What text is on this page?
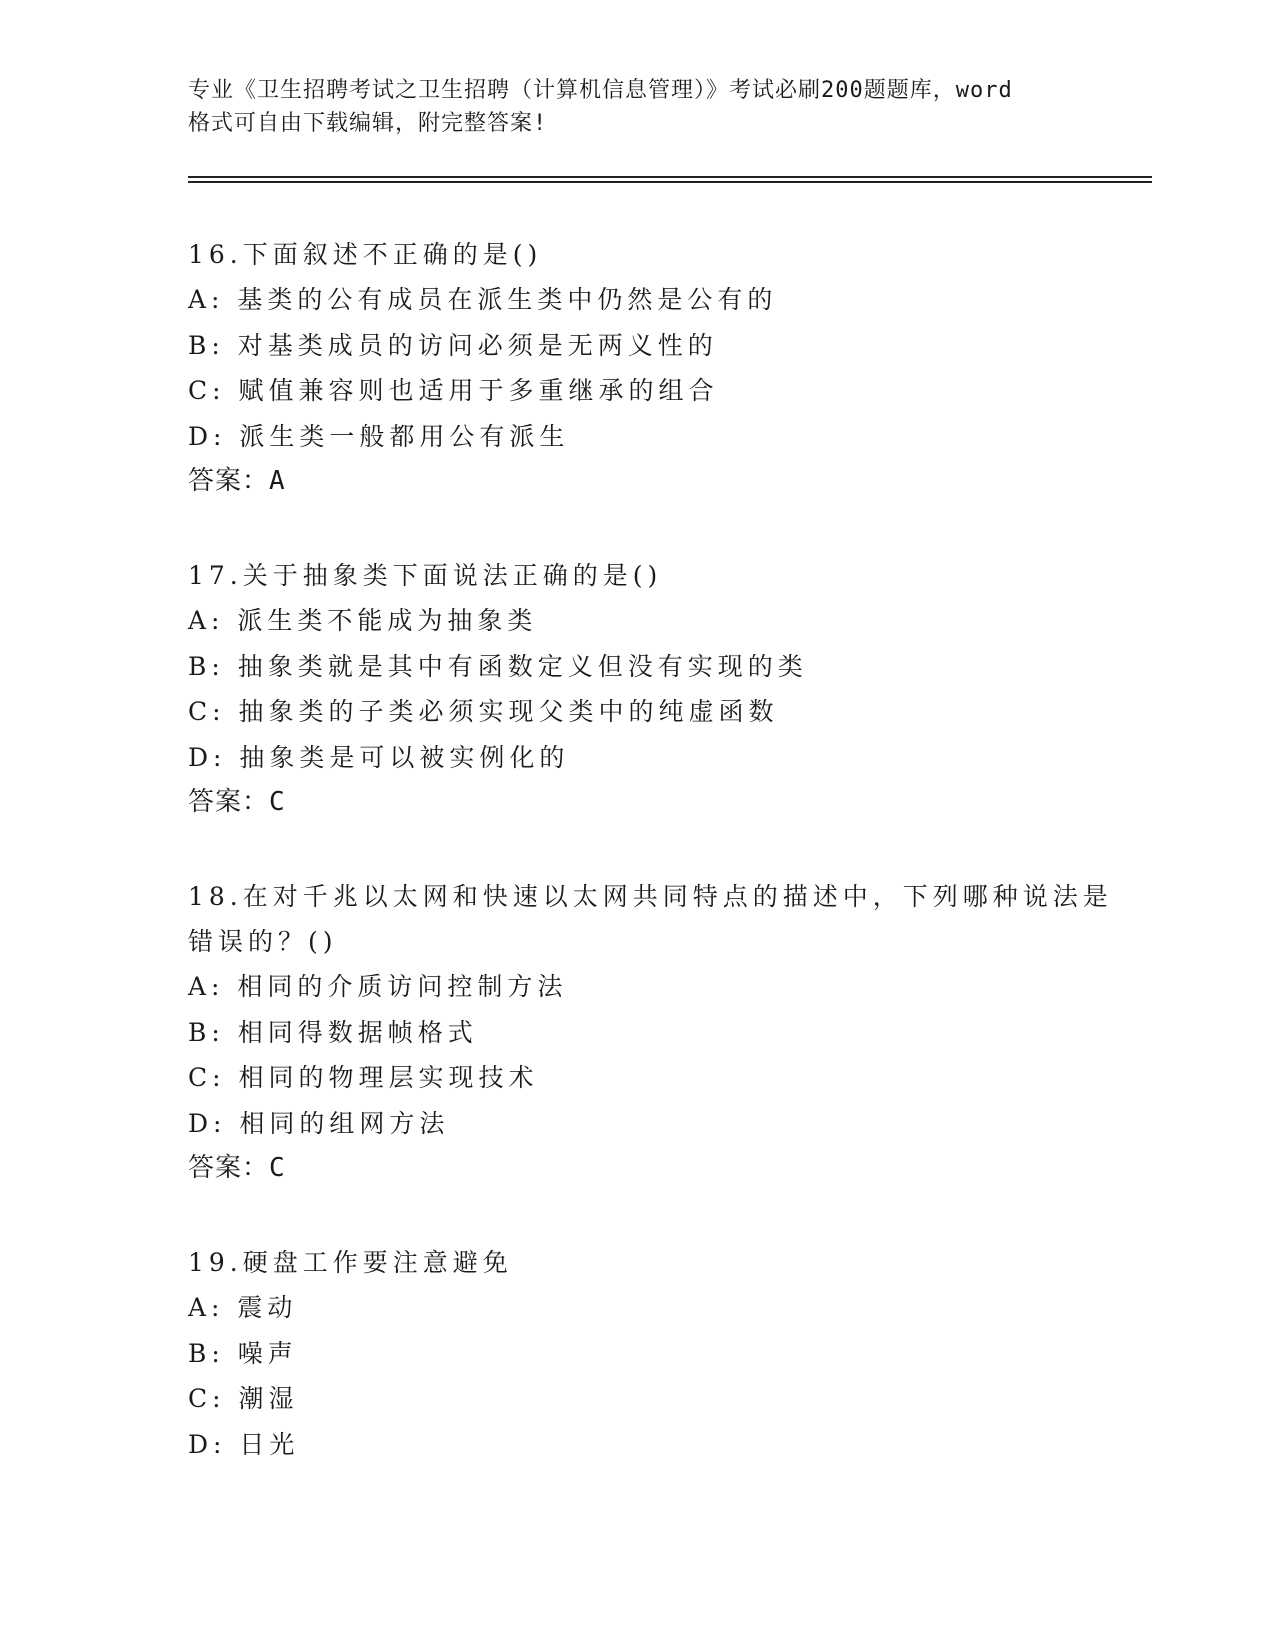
专业《卫生招聘考试之卫生招聘（计算机信息管理）》考试必刷200题题库，word
格式可自由下载编辑，附完整答案!

16.下面叙述不正确的是()

A: 基类的公有成员在派生类中仍然是公有的

B: 对基类成员的访问必须是无两义性的

C: 赋值兼容则也适用于多重继承的组合

D: 派生类一般都用公有派生

答案：A

17.关于抽象类下面说法正确的是()

A: 派生类不能成为抽象类

B: 抽象类就是其中有函数定义但没有实现的类

C: 抽象类的子类必须实现父类中的纯虚函数

D: 抽象类是可以被实例化的

答案：C

18.在对千兆以太网和快速以太网共同特点的描述中，下列哪种说法是

错误的？()

A: 相同的介质访问控制方法

B: 相同得数据帧格式

C: 相同的物理层实现技术

D: 相同的组网方法

答案：C

19.硬盘工作要注意避免

A: 震动

B: 噪声

C: 潮湿

D: 日光
